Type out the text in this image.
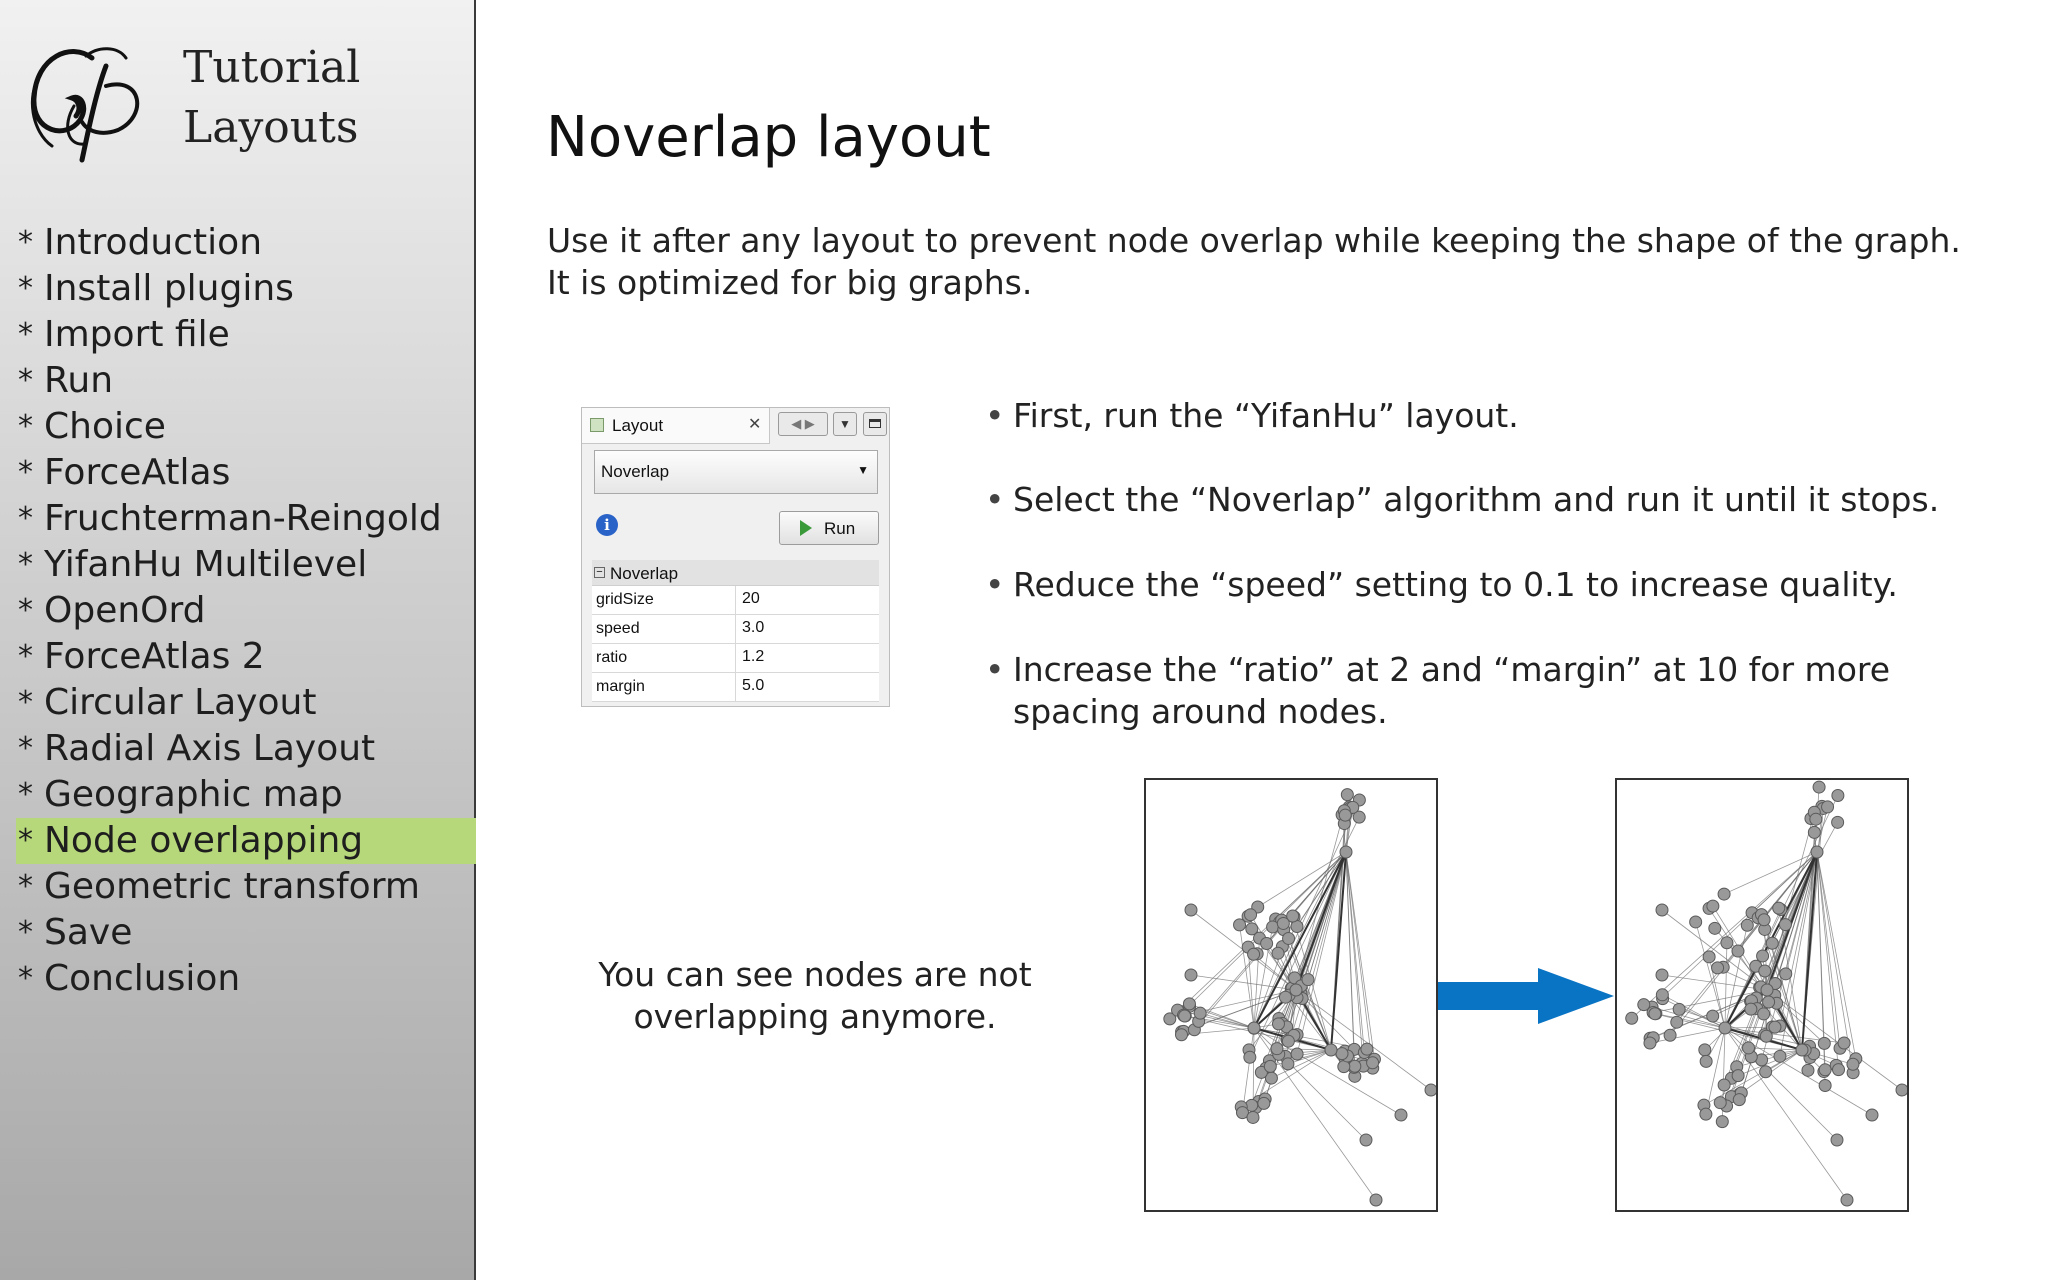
Tutorial
Layouts
* Introduction
* Install plugins
* Import file
* Run
* Choice
* ForceAtlas
* Fruchterman-Reingold
* YifanHu Multilevel
* OpenOrd
* ForceAtlas 2
* Circular Layout
* Radial Axis Layout
* Geographic map
* Node overlapping
* Geometric transform
* Save
* Conclusion
Noverlap layout

Use it after any layout to prevent node overlap while keeping the shape of the graph. It is optimized for big graphs.

Layout	✕	◀ ▶	▼
Noverlap	▼
i	Run
− Noverlap
gridSize	20
speed	3.0
ratio	1.2
margin	5.0
• First, run the “YifanHu” layout.
• Select the “Noverlap” algorithm and run it until it stops.
• Reduce the “speed” setting to 0.1 to increase quality.
• Increase the “ratio” at 2 and “margin” at 10 for more spacing around nodes.

You can see nodes are not overlapping anymore.
